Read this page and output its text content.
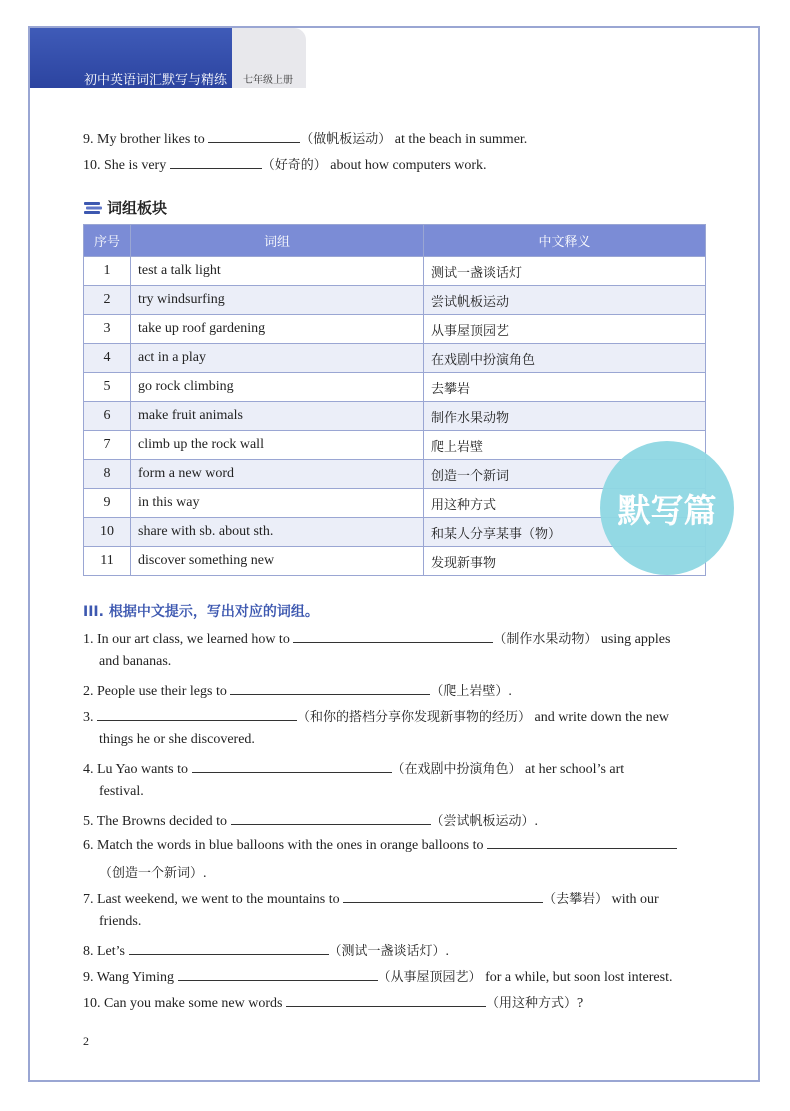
初中英语词汇默写与精练 七年级上册
9. My brother likes to	（做帆板运动） at the beach in summer.
10. She is very	（好奇的） about how computers work.
词组板块
序号	词组	中文释义
1	test a talk light	测试一盏谈话灯
2	try windsurfing	尝试帆板运动
3	take up roof gardening	从事屋顶园艺
4	act in a play	在戏剧中扮演角色
5	go rock climbing	去攀岩
6	make fruit animals	制作水果动物
7	climb up the rock wall	爬上岩壁
8	form a new word	创造一个新词
9	in this way	用这种方式
10	share with sb. about sth.	和某人分享某事（物）
11	discover something new	发现新事物
默写篇
III. 根据中文提示，写出对应的词组。
1. In our art class, we learned how to	（制作水果动物） using apples
and bananas.
2. People use their legs to	（爬上岩壁）.
3.	（和你的搭档分享你发现新事物的经历） and write down the new
things he or she discovered.
4. Lu Yao wants to	（在戏剧中扮演角色） at her school’s art
festival.
5. The Browns decided to	（尝试帆板运动）.
6. Match the words in blue balloons with the ones in orange balloons to
（创造一个新词）.
7. Last weekend, we went to the mountains to	（去攀岩） with our
friends.
8. Let’s	（测试一盏谈话灯）.
9. Wang Yiming	（从事屋顶园艺） for a while, but soon lost interest.
10. Can you make some new words	（用这种方式）?
2
